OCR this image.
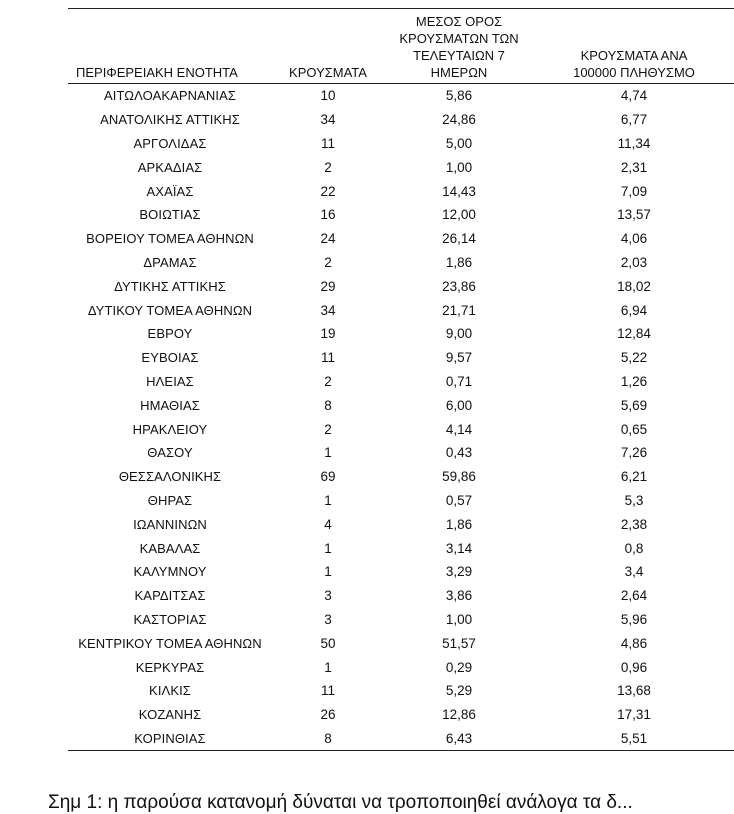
ΠΕΡΙΦΕΡΕΙΑΚΗ ΕΝΟΤΗΤΑ	ΚΡΟΥΣΜΑΤΑ	ΜΕΣΟΣ ΟΡΟΣ ΚΡΟΥΣΜΑΤΩΝ ΤΩΝ ΤΕΛΕΥΤΑΙΩΝ 7 ΗΜΕΡΩΝ	ΚΡΟΥΣΜΑΤΑ ΑΝΑ 100000 ΠΛΗΘΥΣΜΟ
ΑΙΤΩΛΟΑΚΑΡΝΑΝΙΑΣ	10	5,86	4,74
ΑΝΑΤΟΛΙΚΗΣ ΑΤΤΙΚΗΣ	34	24,86	6,77
ΑΡΓΟΛΙΔΑΣ	11	5,00	11,34
ΑΡΚΑΔΙΑΣ	2	1,00	2,31
ΑΧΑΪΑΣ	22	14,43	7,09
ΒΟΙΩΤΙΑΣ	16	12,00	13,57
ΒΟΡΕΙΟΥ ΤΟΜΕΑ ΑΘΗΝΩΝ	24	26,14	4,06
ΔΡΑΜΑΣ	2	1,86	2,03
ΔΥΤΙΚΗΣ ΑΤΤΙΚΗΣ	29	23,86	18,02
ΔΥΤΙΚΟΥ ΤΟΜΕΑ ΑΘΗΝΩΝ	34	21,71	6,94
ΕΒΡΟΥ	19	9,00	12,84
ΕΥΒΟΙΑΣ	11	9,57	5,22
ΗΛΕΙΑΣ	2	0,71	1,26
ΗΜΑΘΙΑΣ	8	6,00	5,69
ΗΡΑΚΛΕΙΟΥ	2	4,14	0,65
ΘΑΣΟΥ	1	0,43	7,26
ΘΕΣΣΑΛΟΝΙΚΗΣ	69	59,86	6,21
ΘΗΡΑΣ	1	0,57	5,3
ΙΩΑΝΝΙΝΩΝ	4	1,86	2,38
ΚΑΒΑΛΑΣ	1	3,14	0,8
ΚΑΛΥΜΝΟΥ	1	3,29	3,4
ΚΑΡΔΙΤΣΑΣ	3	3,86	2,64
ΚΑΣΤΟΡΙΑΣ	3	1,00	5,96
ΚΕΝΤΡΙΚΟΥ ΤΟΜΕΑ ΑΘΗΝΩΝ	50	51,57	4,86
ΚΕΡΚΥΡΑΣ	1	0,29	0,96
ΚΙΛΚΙΣ	11	5,29	13,68
ΚΟΖΑΝΗΣ	26	12,86	17,31
ΚΟΡΙΝΘΙΑΣ	8	6,43	5,51
Σημ 1: η παρούσα κατανομή δύναται να τροποποιηθεί ανάλογα τα δ...
